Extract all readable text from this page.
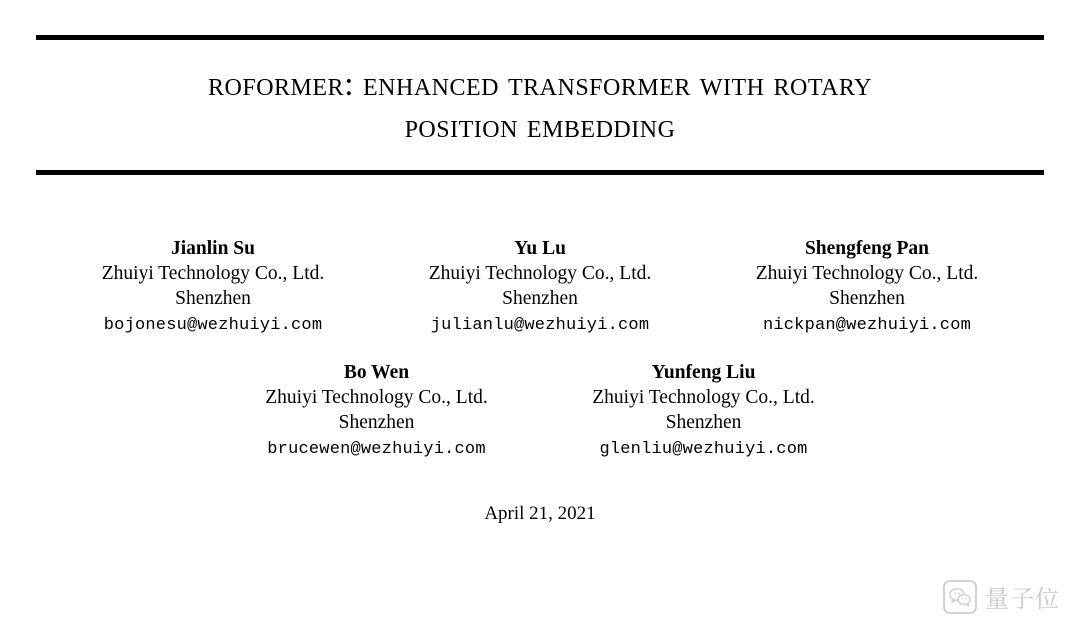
roformer: enhanced transformer with rotary
position embedding
Jianlin Su
Zhuiyi Technology Co., Ltd.
Shenzhen
bojonesu@wezhuiyi.com
Yu Lu
Zhuiyi Technology Co., Ltd.
Shenzhen
julianlu@wezhuiyi.com
Shengfeng Pan
Zhuiyi Technology Co., Ltd.
Shenzhen
nickpan@wezhuiyi.com
Bo Wen
Zhuiyi Technology Co., Ltd.
Shenzhen
brucewen@wezhuiyi.com
Yunfeng Liu
Zhuiyi Technology Co., Ltd.
Shenzhen
glenliu@wezhuiyi.com
April 21, 2021
量子位
